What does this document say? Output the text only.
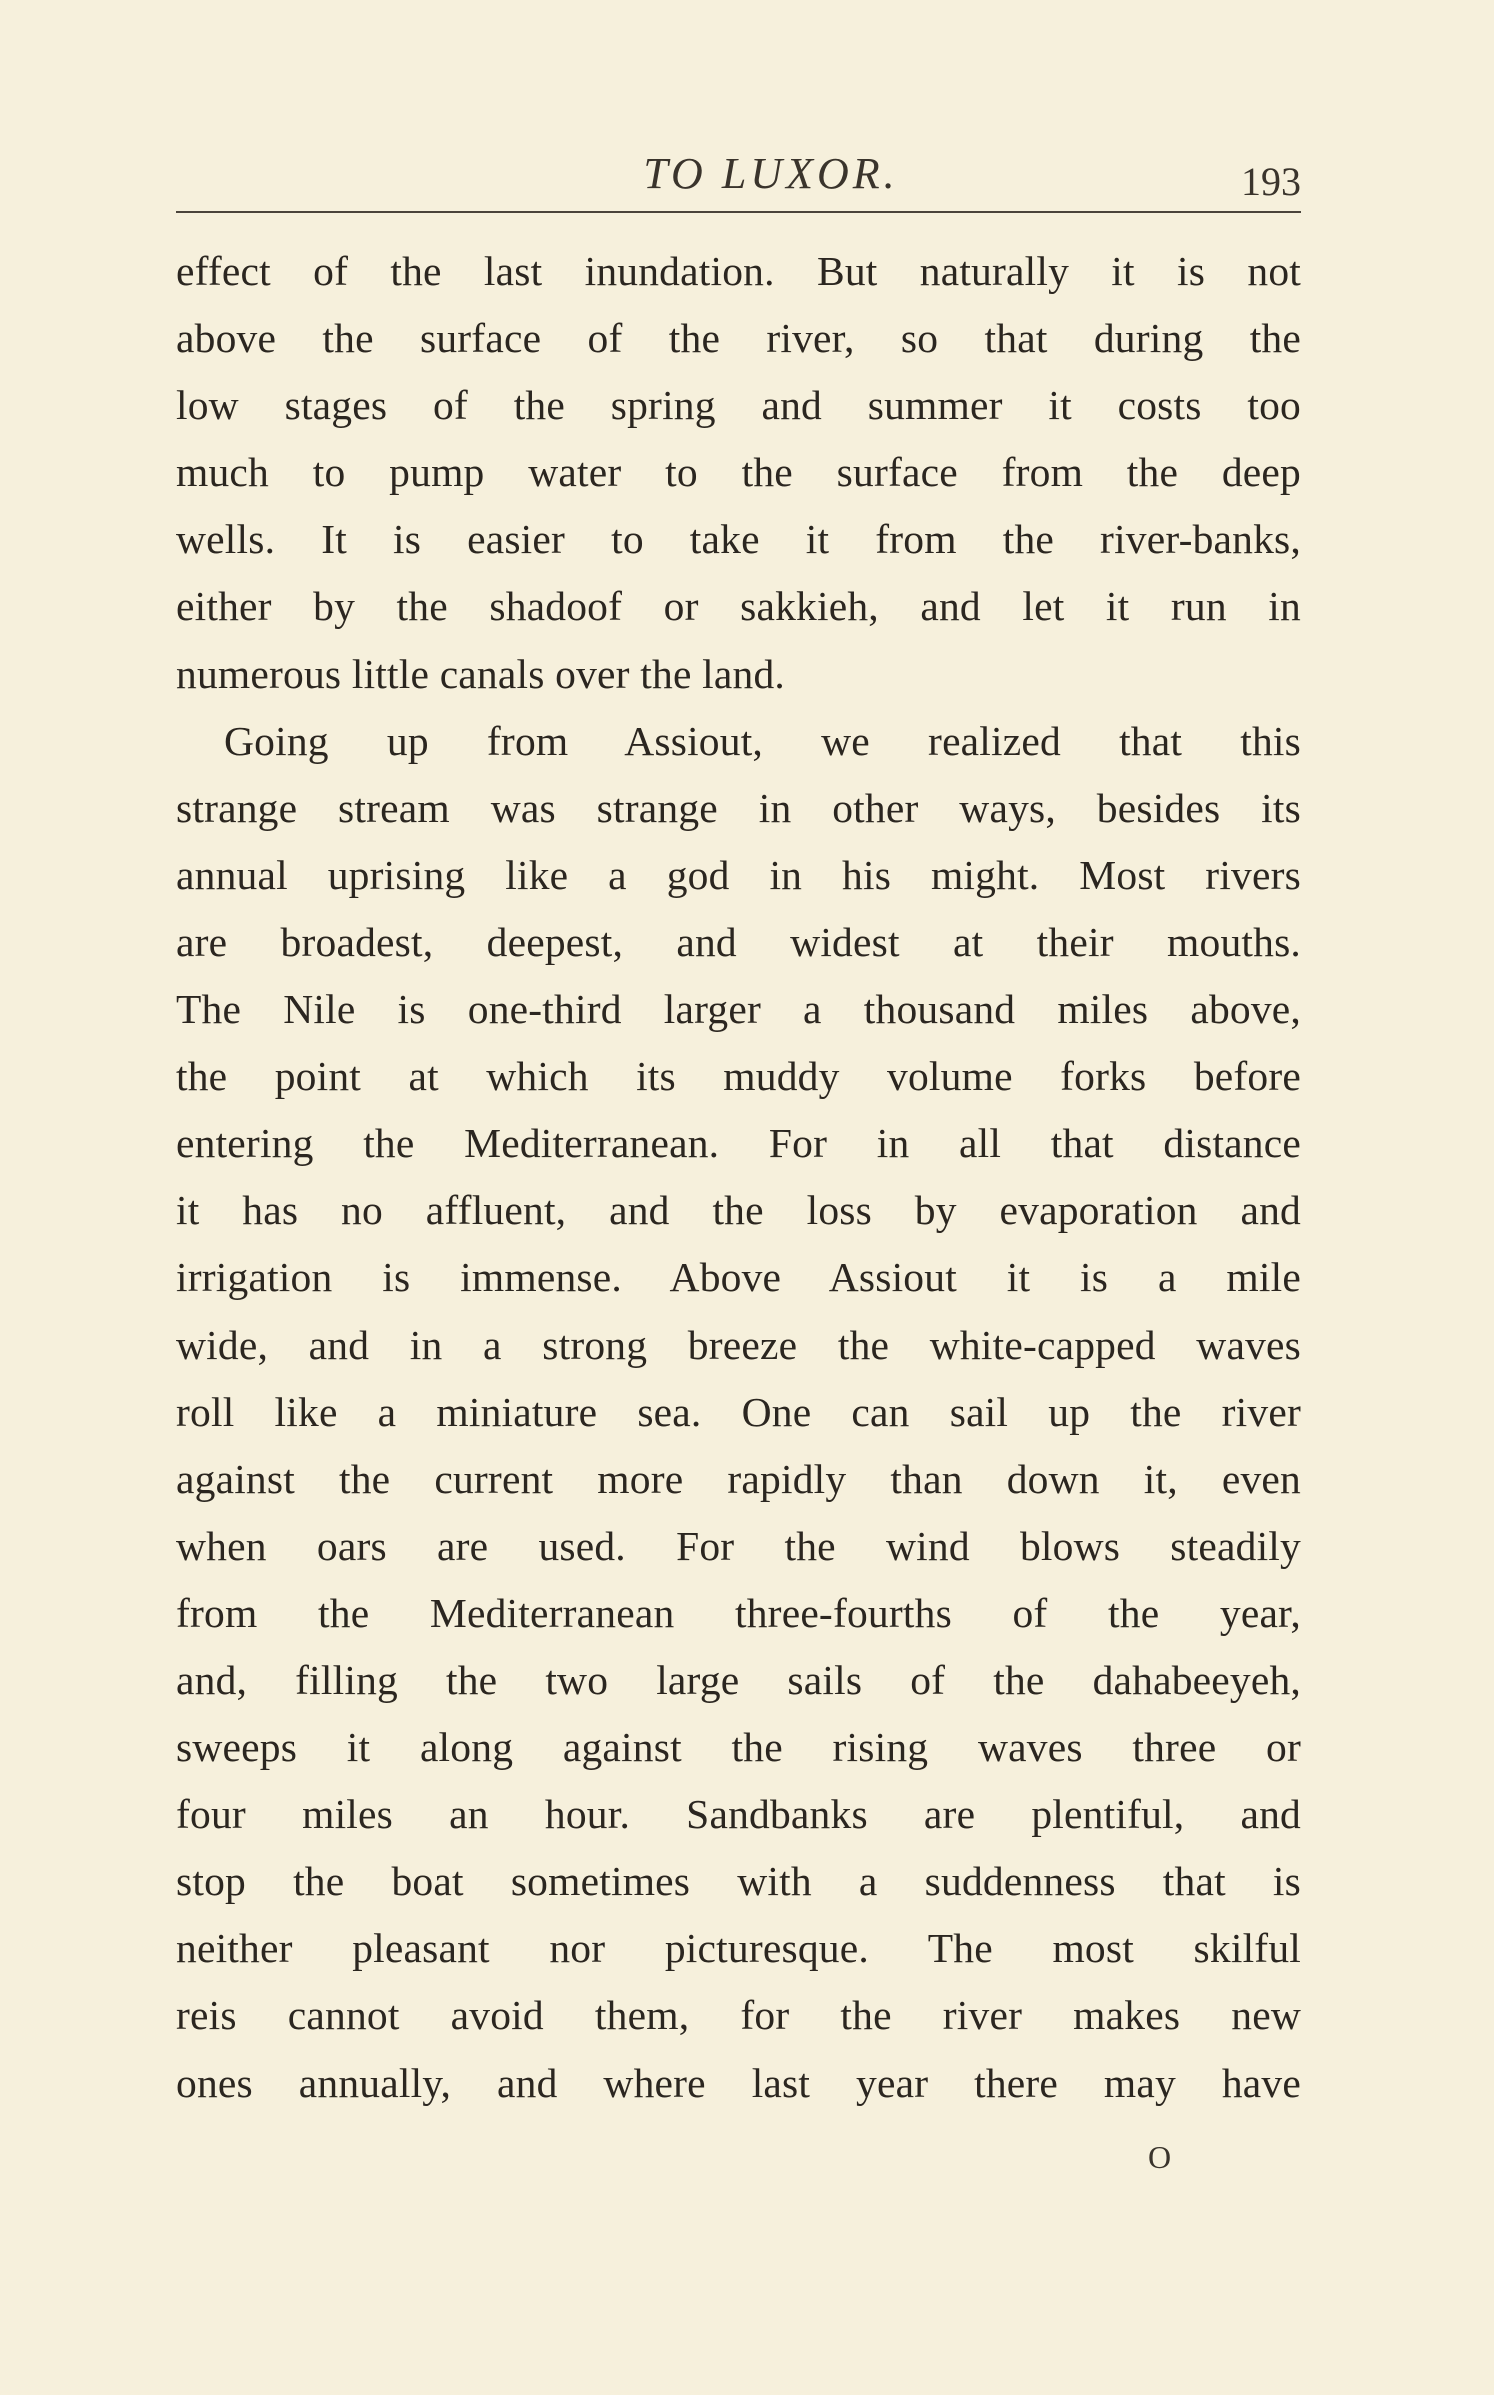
TO LUXOR.	193
effect of the last inundation. But naturally it is not
above the surface of the river, so that during the
low stages of the spring and summer it costs too
much to pump water to the surface from the deep
wells. It is easier to take it from the river-banks,
either by the shadoof or sakkieh, and let it run in
numerous little canals over the land.
Going up from Assiout, we realized that this
strange stream was strange in other ways, besides its
annual uprising like a god in his might. Most rivers
are broadest, deepest, and widest at their mouths.
The Nile is one-third larger a thousand miles above,
the point at which its muddy volume forks before
entering the Mediterranean. For in all that distance
it has no affluent, and the loss by evaporation and
irrigation is immense. Above Assiout it is a mile
wide, and in a strong breeze the white-capped waves
roll like a miniature sea. One can sail up the river
against the current more rapidly than down it, even
when oars are used. For the wind blows steadily
from the Mediterranean three-fourths of the year,
and, filling the two large sails of the dahabeeyeh,
sweeps it along against the rising waves three or
four miles an hour. Sandbanks are plentiful, and
stop the boat sometimes with a suddenness that is
neither pleasant nor picturesque. The most skilful
reis cannot avoid them, for the river makes new
ones annually, and where last year there may have
O
